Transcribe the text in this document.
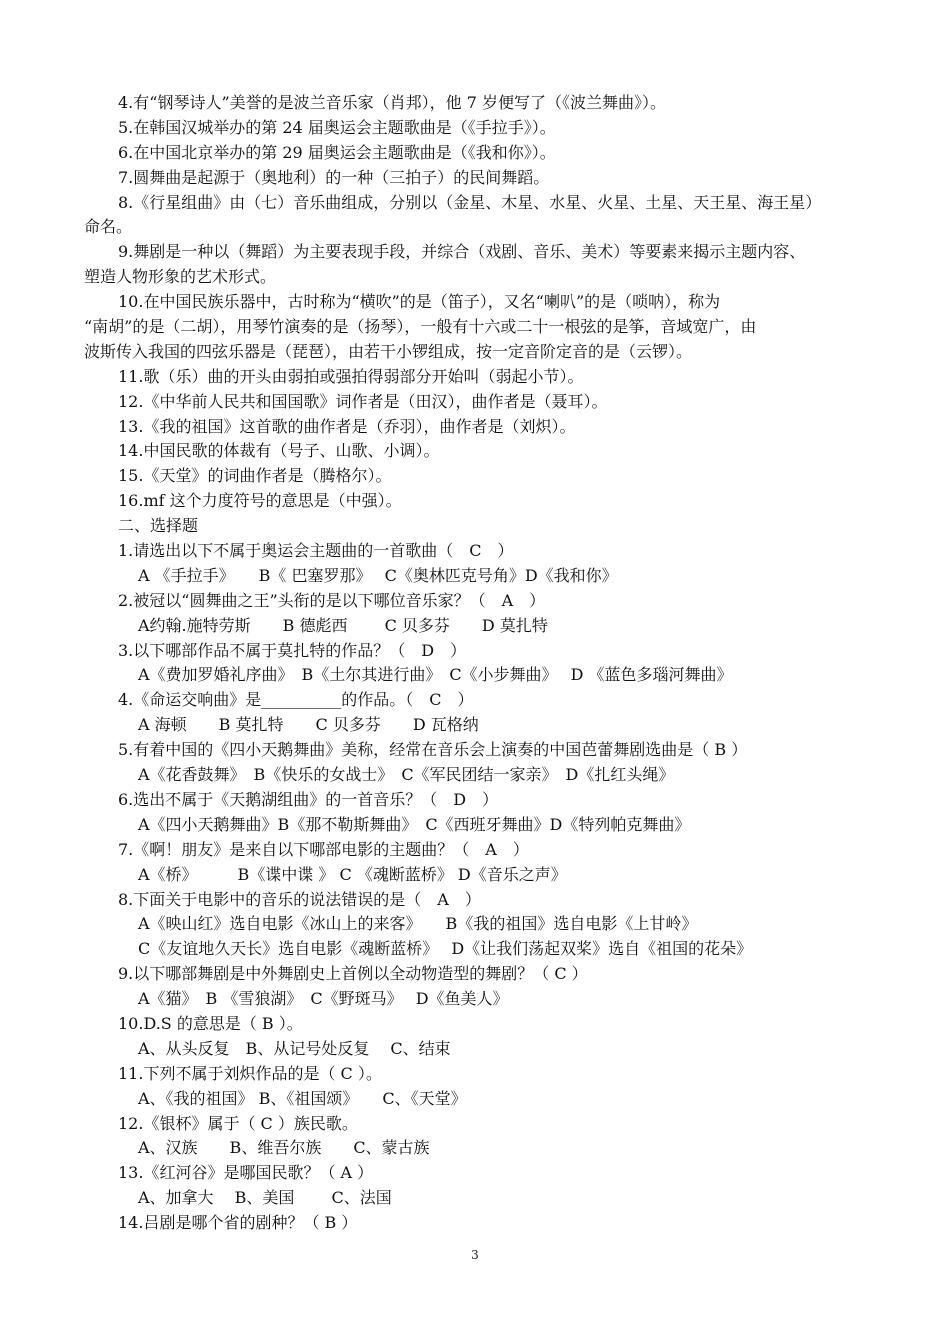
4.有“钢琴诗人”美誉的是波兰音乐家（肖邦），他 7 岁便写了（《波兰舞曲》）。
5.在韩国汉城举办的第 24 届奥运会主题歌曲是（《手拉手》）。
6.在中国北京举办的第 29 届奥运会主题歌曲是（《我和你》）。
7.圆舞曲是起源于（奥地利）的一种（三拍子）的民间舞蹈。
8.《行星组曲》由（七）音乐曲组成，分别以（金星、木星、水星、火星、土星、天王星、海王星）
命名。
9.舞剧是一种以（舞蹈）为主要表现手段，并综合（戏剧、音乐、美术）等要素来揭示主题内容、
塑造人物形象的艺术形式。
10.在中国民族乐器中，古时称为“横吹”的是（笛子），又名“喇叭”的是（唢呐），称为
“南胡”的是（二胡），用琴竹演奏的是（扬琴），一般有十六或二十一根弦的是筝，音域宽广，由
波斯传入我国的四弦乐器是（琵琶），由若干小锣组成，按一定音阶定音的是（云锣）。
11.歌（乐）曲的开头由弱拍或强拍得弱部分开始叫（弱起小节）。
12.《中华前人民共和国国歌》词作者是（田汉），曲作者是（聂耳）。
13.《我的祖国》这首歌的曲作者是（乔羽），曲作者是（刘炽）。
14.中国民歌的体裁有（号子、山歌、小调）。
15.《天堂》的词曲作者是（腾格尔）。
16.mf 这个力度符号的意思是（中强）。
二、选择题
1.请选出以下不属于奥运会主题曲的一首歌曲（　C　）
A 《手拉手》　　B《 巴塞罗那》　 C《奥林匹克号角》D《我和你》
2.被冠以“圆舞曲之王”头衔的是以下哪位音乐家？（　A　）
A约翰.施特劳斯　　B 德彪西　　 C 贝多芬　　D 莫扎特
3.以下哪部作品不属于莫扎特的作品？（　D　）
A《费加罗婚礼序曲》　B《土尔其进行曲》　C《小步舞曲》　 D 《蓝色多瑙河舞曲》
4.《命运交响曲》是__________的作品。（　C　）
A 海顿　　B 莫扎特　　C 贝多芬　　D 瓦格纳
5.有着中国的《四小天鹅舞曲》美称，经常在音乐会上演奏的中国芭蕾舞剧选曲是（ B ）
A《花香鼓舞》　B《快乐的女战士》　C《军民团结一家亲》　D《扎红头绳》
6.选出不属于《天鹅湖组曲》的一首音乐？（　D　）
A《四小天鹅舞曲》B《那不勒斯舞曲》　C《西班牙舞曲》D《特列帕克舞曲》
7.《啊！朋友》是来自以下哪部电影的主题曲？（　A　）
A《桥》　　　B《谍中谍 》 C 《魂断蓝桥》 D《音乐之声》
8.下面关于电影中的音乐的说法错误的是（　A　）
A《映山红》选自电影《冰山上的来客》　　B《我的祖国》选自电影《上甘岭》
C《友谊地久天长》选自电影《魂断蓝桥》　 D《让我们荡起双桨》选自《祖国的花朵》
9.以下哪部舞剧是中外舞剧史上首例以全动物造型的舞剧？（ C ）
A《猫》　B 《雪狼湖》　C《野斑马》　 D《鱼美人》
10.D.S 的意思是（ B ）。
A、从头反复　B、从记号处反复　 C、结束
11.下列不属于刘炽作品的是（ C ）。
A、《我的祖国》 B、《祖国颂》　　C、《天堂》
12.《银杯》属于（ C ）族民歌。
A、汉族　　B、维吾尔族　　C、蒙古族
13.《红河谷》是哪国民歌？（ A ）
A、加拿大　 B、美国　　 C、法国
14.吕剧是哪个省的剧种？（ B ）
3
